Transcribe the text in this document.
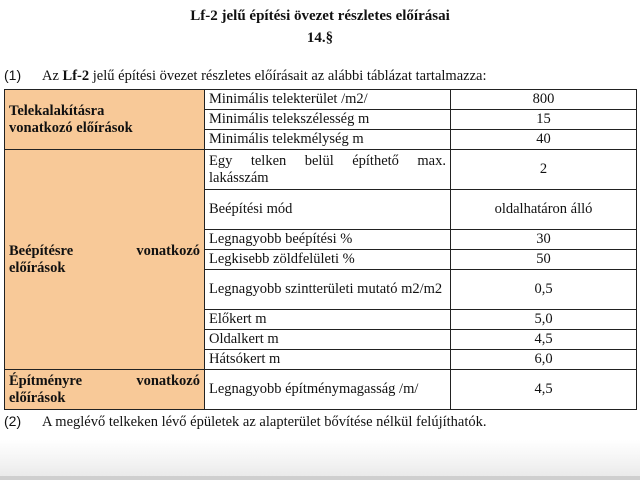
Lf-2 jelű építési övezet részletes előírásai
14.§
(1) Az Lf-2 jelű építési övezet részletes előírásait az alábbi táblázat tartalmazza:
Telekalakításra
vonatkozó előírások	Minimális telekterület /m2/	800
	Minimális telekszélesség m	15
	Minimális telekmélység m	40

Beépítésre vonatkozó
előírások	Egy telken belül építhető max. lakásszám	2
	Beépítési mód	oldalhatáron álló
	Legnagyobb beépítési %	30
	Legkisebb zöldfelületi %	50
	Legnagyobb szintterületi mutató m2/m2	0,5
	Előkert m	5,0
	Oldalkert m	4,5
	Hátsókert m	6,0

Építményre vonatkozó
előírások	Legnagyobb építménymagasság /m/	4,5
(2) A meglévő telkeken lévő épületek az alapterület bővítése nélkül felújíthatók.
